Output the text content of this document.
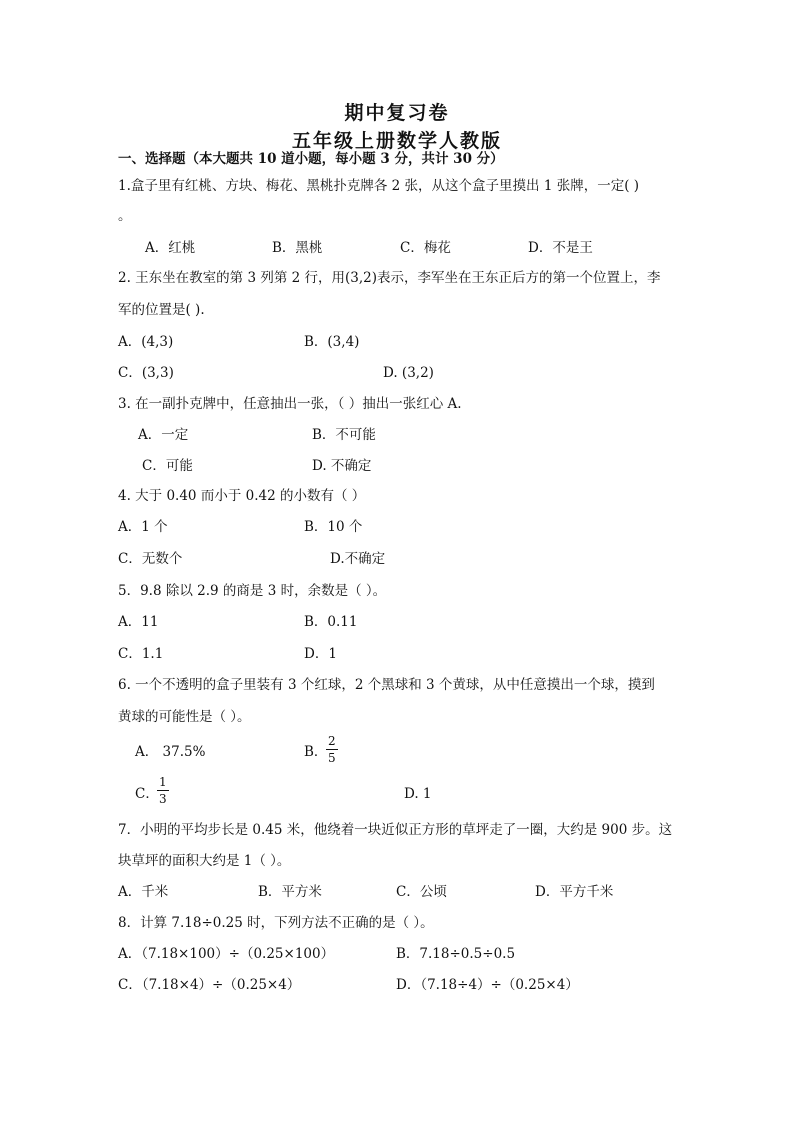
期中复习卷
五年级上册数学人教版
一、选择题（本大题共 10 道小题，每小题 3 分，共计 30 分）
1.盒子里有红桃、方块、梅花、黑桃扑克牌各 2 张，从这个盒子里摸出 1 张牌，一定( )
。
A．红桃	B．黑桃	C．梅花	D．不是王
2. 王东坐在教室的第 3 列第 2 行，用(3,2)表示，李军坐在王东正后方的第一个位置上，李
军的位置是( ).
A．(4,3)	B．(3,4)
C．(3,3)	D. (3,2)
3. 在一副扑克牌中，任意抽出一张，（ ）抽出一张红心 A.
A．一定	B．不可能
C．可能	D. 不确定
4. 大于 0.40 而小于 0.42 的小数有（ ）
A．1 个	B．10 个
C．无数个	D.不确定
5．9.8 除以 2.9 的商是 3 时，余数是（ ）。
A．11	B．0.11
C．1.1	D．1
6. 一个不透明的盒子里装有 3 个红球，2 个黑球和 3 个黄球，从中任意摸出一个球，摸到
黄球的可能性是（ ）。
A． 37.5%	B．
2
5
C．
1
3	D. 1
7．小明的平均步长是 0.45 米，他绕着一块近似正方形的草坪走了一圈，大约是 900 步。这
块草坪的面积大约是 1（ ）。
A．千米	B．平方米	C．公顷	D．平方千米
8．计算 7.18÷0.25 时，下列方法不正确的是（ ）。
A．（7.18×100）÷（0.25×100）	B．7.18÷0.5÷0.5
C．（7.18×4）÷（0.25×4）	D．（7.18÷4）÷（0.25×4）
